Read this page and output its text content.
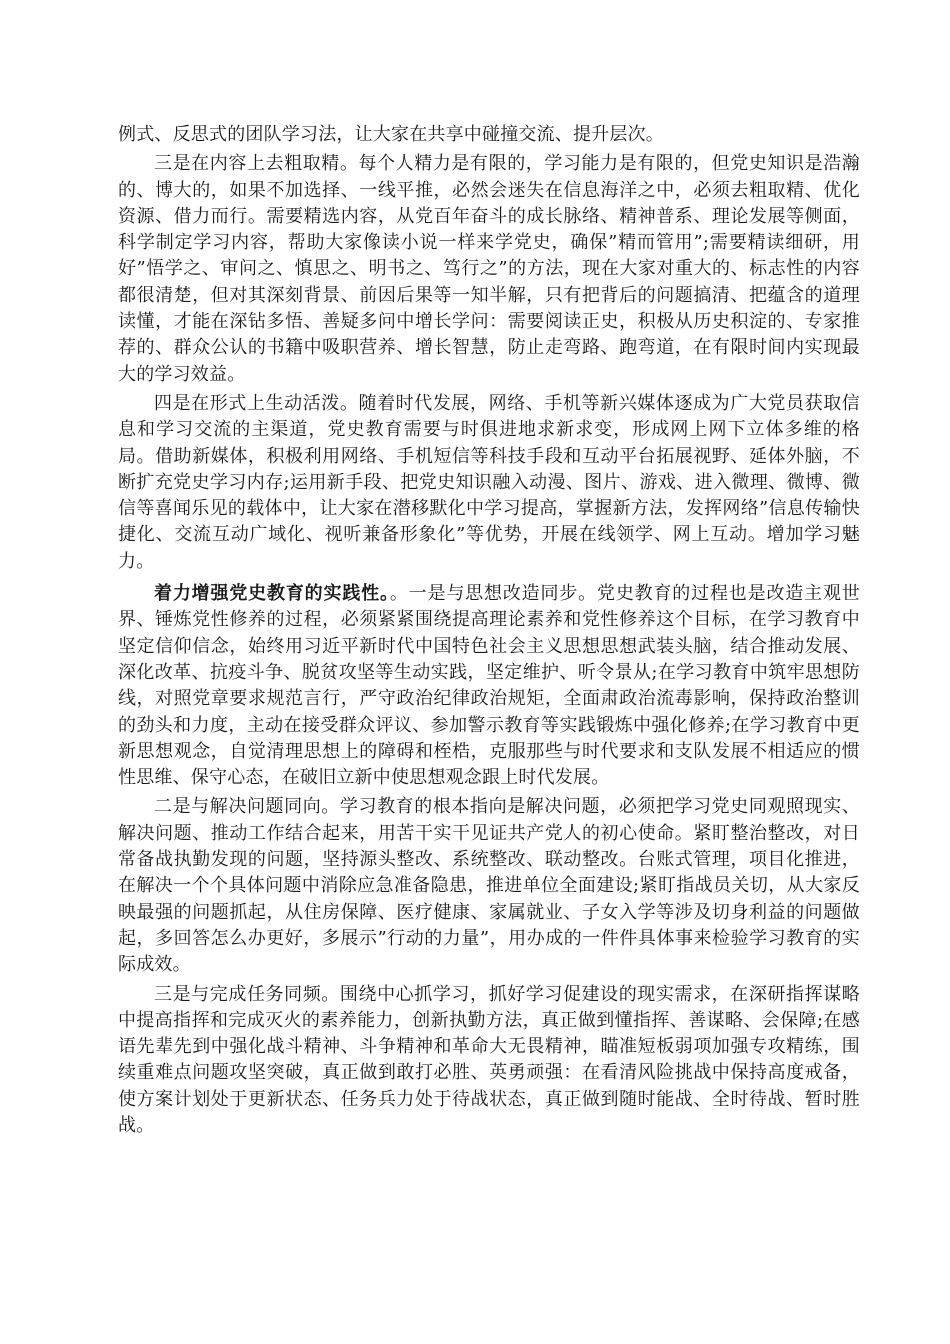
例式、反思式的团队学习法，让大家在共享中碰撞交流、提升层次。

三是在内容上去粗取精。每个人精力是有限的，学习能力是有限的，但党史知识是浩瀚的、博大的，如果不加选择、一线平推，必然会迷失在信息海洋之中，必须去粗取精、优化资源、借力而行。需要精选内容，从党百年奋斗的成长脉络、精神普系、理论发展等侧面，科学制定学习内容，帮助大家像读小说一样来学党史，确保”精而管用”;需要精读细研，用好”悟学之、审问之、慎思之、明书之、笃行之”的方法，现在大家对重大的、标志性的内容都很清楚，但对其深刻背景、前因后果等一知半解，只有把背后的问题搞清、把蕴含的道理读懂，才能在深钻多悟、善疑多问中增长学问：需要阅读正史，积极从历史积淀的、专家推荐的、群众公认的书籍中吸职营养、增长智慧，防止走弯路、跑弯道，在有限时间内实现最大的学习效益。

四是在形式上生动活泼。随着时代发展，网络、手机等新兴媒体逐成为广大党员获取信息和学习交流的主渠道，党史教育需要与时俱进地求新求变，形成网上网下立体多维的格局。借助新媒体，积极利用网络、手机短信等科技手段和互动平台拓展视野、延体外脑，不断扩充党史学习内存;运用新手段、把党史知识融入动漫、图片、游戏、进入微理、微博、微信等喜闻乐见的载体中，让大家在潜移默化中学习提高，掌握新方法，发挥网络”信息传输快捷化、交流互动广域化、视听兼备形象化”等优势，开展在线领学、网上互动。增加学习魅力。

着力增强党史教育的实践性。。一是与思想改造同步。党史教育的过程也是改造主观世界、锤炼党性修养的过程，必须紧紧围绕提高理论素养和党性修养这个目标，在学习教育中坚定信仰信念，始终用习近平新时代中国特色社会主义思想思想武装头脑，结合推动发展、深化改革、抗疫斗争、脱贫攻坚等生动实践，坚定维护、听令景从;在学习教育中筑牢思想防线，对照党章要求规范言行，严守政治纪律政治规矩，全面肃政治流毒影响，保持政治整训的劲头和力度，主动在接受群众评议、参加警示教育等实践锻炼中强化修养;在学习教育中更新思想观念，自觉清理思想上的障碍和桎梏，克服那些与时代要求和支队发展不相适应的惯性思维、保守心态，在破旧立新中使思想观念跟上时代发展。

二是与解决问题同向。学习教育的根本指向是解决问题，必须把学习党史同观照现实、解决问题、推动工作结合起来，用苦干实干见证共产党人的初心使命。紧盯整治整改，对日常备战执勤发现的问题，坚持源头整改、系统整改、联动整改。台账式管理，项目化推进，在解决一个个具体问题中消除应急准备隐患，推进单位全面建设;紧盯指战员关切，从大家反映最强的问题抓起，从住房保障、医疗健康、家属就业、子女入学等涉及切身利益的问题做起，多回答怎么办更好，多展示”行动的力量”，用办成的一件件具体事来检验学习教育的实际成效。

三是与完成任务同频。围绕中心抓学习，抓好学习促建设的现实需求，在深研指挥谋略中提高指挥和完成灭火的素养能力，创新执勤方法，真正做到懂指挥、善谋略、会保障;在感语先辈先到中强化战斗精神、斗争精神和革命大无畏精神，瞄准短板弱项加强专攻精练，围续重难点问题攻坚突破，真正做到敢打必胜、英勇顽强：在看清风险挑战中保持高度戒备，使方案计划处于更新状态、任务兵力处于待战状态，真正做到随时能战、全时待战、暂时胜战。
